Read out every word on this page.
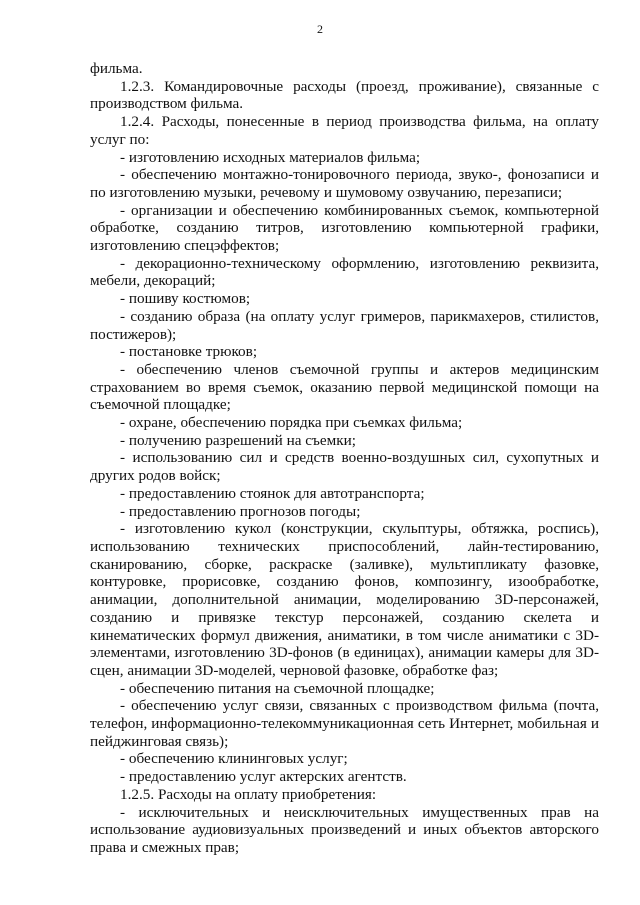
2

фильма.

1.2.3. Командировочные расходы (проезд, проживание), связанные с производством фильма.

1.2.4. Расходы, понесенные в период производства фильма, на оплату услуг по:

- изготовлению исходных материалов фильма;

- обеспечению монтажно-тонировочного периода, звуко-, фонозаписи и по изготовлению музыки, речевому и шумовому озвучанию, перезаписи;

- организации и обеспечению комбинированных съемок, компьютерной обработке, созданию титров, изготовлению компьютерной графики, изготовлению спецэффектов;

- декорационно-техническому оформлению, изготовлению реквизита, мебели, декораций;

- пошиву костюмов;

- созданию образа (на оплату услуг гримеров, парикмахеров, стилистов, постижеров);

- постановке трюков;

- обеспечению членов съемочной группы и актеров медицинским страхованием во время съемок, оказанию первой медицинской помощи на съемочной площадке;

- охране, обеспечению порядка при съемках фильма;

- получению разрешений на съемки;

- использованию сил и средств военно-воздушных сил, сухопутных и других родов войск;

- предоставлению стоянок для автотранспорта;

- предоставлению прогнозов погоды;

- изготовлению кукол (конструкции, скульптуры, обтяжка, роспись), использованию технических приспособлений, лайн-тестированию, сканированию, сборке, раскраске (заливке), мультипликату фазовке, контуровке, прорисовке, созданию фонов, композингу, изообработке, анимации, дополнительной анимации, моделированию 3D-персонажей, созданию и привязке текстур персонажей, созданию скелета и кинематических формул движения, аниматики, в том числе аниматики с 3D-элементами, изготовлению 3D-фонов (в единицах), анимации камеры для 3D-сцен, анимации 3D-моделей, черновой фазовке, обработке фаз;

- обеспечению питания на съемочной площадке;

- обеспечению услуг связи, связанных с производством фильма (почта, телефон, информационно-телекоммуникационная сеть Интернет, мобильная и пейджинговая связь);

- обеспечению клининговых услуг;

- предоставлению услуг актерских агентств.

1.2.5. Расходы на оплату приобретения:

- исключительных и неисключительных имущественных прав на использование аудиовизуальных произведений и иных объектов авторского права и смежных прав;
